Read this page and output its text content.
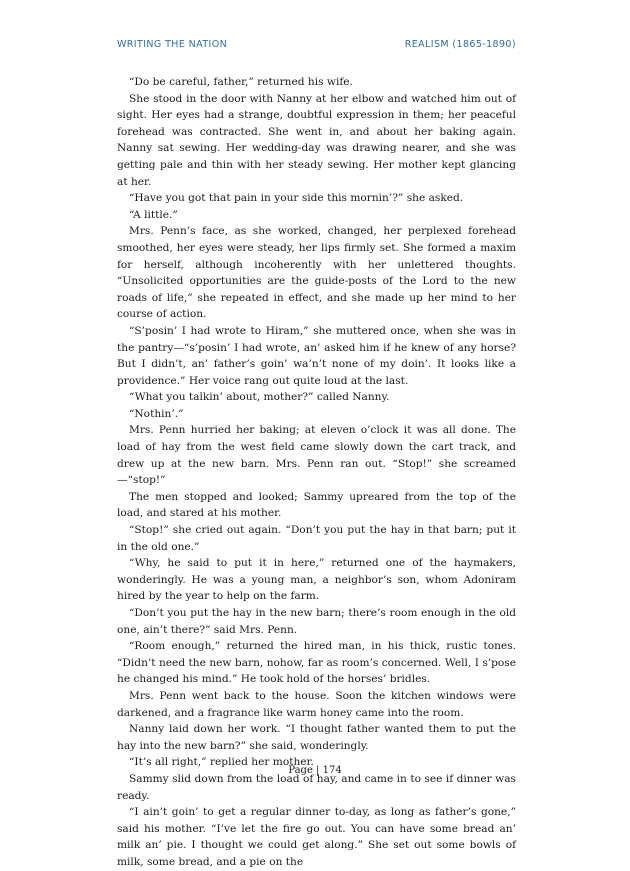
WRITING THE NATION	REALISM (1865-1890)

“Do be careful, father,” returned his wife.

She stood in the door with Nanny at her elbow and watched him out of sight. Her eyes had a strange, doubtful expression in them; her peaceful forehead was contracted. She went in, and about her baking again. Nanny sat sewing. Her wedding-day was drawing nearer, and she was getting pale and thin with her steady sewing. Her mother kept glancing at her.

“Have you got that pain in your side this mornin’?” she asked.

“A little.”

Mrs. Penn’s face, as she worked, changed, her perplexed forehead smoothed, her eyes were steady, her lips firmly set. She formed a maxim for herself, although incoherently with her unlettered thoughts. “Unsolicited opportunities are the guide-posts of the Lord to the new roads of life,” she repeated in effect, and she made up her mind to her course of action.

“S’posin’ I had wrote to Hiram,” she muttered once, when she was in the pantry—“s’posin’ I had wrote, an’ asked him if he knew of any horse? But I didn’t, an’ father’s goin’ wa’n’t none of my doin’. It looks like a providence.” Her voice rang out quite loud at the last.

“What you talkin’ about, mother?” called Nanny.

“Nothin’.”

Mrs. Penn hurried her baking; at eleven o’clock it was all done. The load of hay from the west field came slowly down the cart track, and drew up at the new barn. Mrs. Penn ran out. “Stop!” she screamed—“stop!”

The men stopped and looked; Sammy upreared from the top of the load, and stared at his mother.

“Stop!” she cried out again. “Don’t you put the hay in that barn; put it in the old one.”

“Why, he said to put it in here,” returned one of the haymakers, wonderingly. He was a young man, a neighbor’s son, whom Adoniram hired by the year to help on the farm.

“Don’t you put the hay in the new barn; there’s room enough in the old one, ain’t there?” said Mrs. Penn.

“Room enough,” returned the hired man, in his thick, rustic tones. “Didn’t need the new barn, nohow, far as room’s concerned. Well, I s’pose he changed his mind.” He took hold of the horses’ bridles.

Mrs. Penn went back to the house. Soon the kitchen windows were darkened, and a fragrance like warm honey came into the room.

Nanny laid down her work. “I thought father wanted them to put the hay into the new barn?” she said, wonderingly.

“It’s all right,” replied her mother.

Sammy slid down from the load of hay, and came in to see if dinner was ready.

“I ain’t goin’ to get a regular dinner to-day, as long as father’s gone,” said his mother. “I’ve let the fire go out. You can have some bread an’ milk an’ pie. I thought we could get along.” She set out some bowls of milk, some bread, and a pie on the

Page | 174
